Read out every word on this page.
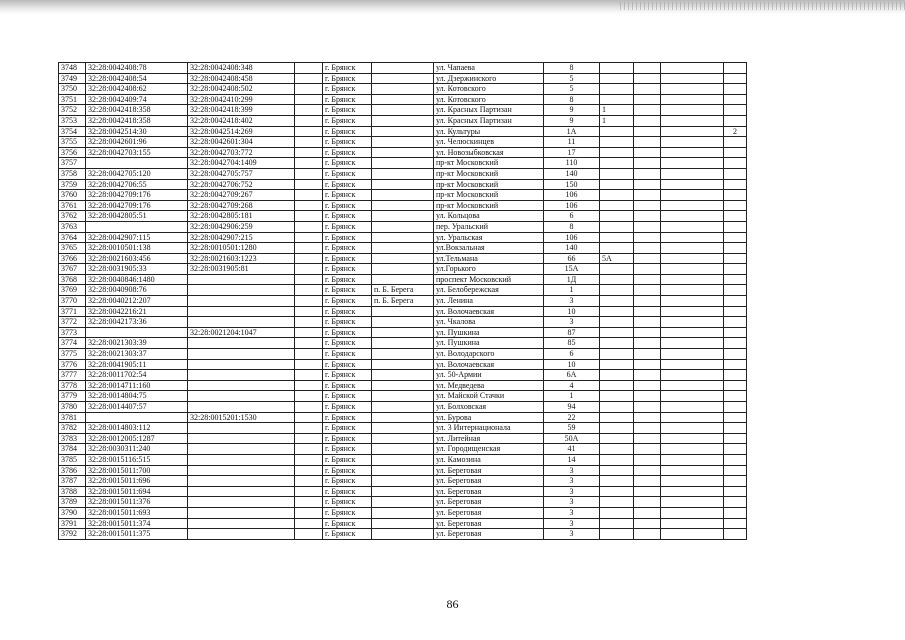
3748	32:28:0042408:78	32:28:0042408:348		г. Брянск		ул. Чапаева	8				
3749	32:28:0042408:54	32:28:0042408:458		г. Брянск		ул. Дзержинского	5				
3750	32:28:0042408:62	32:28:0042408:502		г. Брянск		ул. Котовского	5				
3751	32:28:0042409:74	32:28:0042410:299		г. Брянск		ул. Котовского	8				
3752	32:28:0042418:358	32:28:0042418:399		г. Брянск		ул. Красных Партизан	9	1			
3753	32:28:0042418:358	32:28:0042418:402		г. Брянск		ул. Красных Партизан	9	1			
3754	32:28:0042514:30	32:28:0042514:269		г. Брянск		ул. Культуры	1А				2
3755	32:28:0042601:96	32:28:0042601:304		г. Брянск		ул. Челюскинцев	11				
3756	32:28:0042703:155	32:28:0042703:772		г. Брянск		ул. Новозыбковская	17				
3757		32:28:0042704:1409		г. Брянск		пр-кт Московский	110				
3758	32:28:0042705:120	32:28:0042705:757		г. Брянск		пр-кт Московский	140				
3759	32:28:0042706:55	32:28:0042706:752		г. Брянск		пр-кт Московский	150				
3760	32:28:0042709:176	32:28:0042709:267		г. Брянск		пр-кт Московский	106				
3761	32:28:0042709:176	32:28:0042709:268		г. Брянск		пр-кт Московский	106				
3762	32:28:0042805:51	32:28:0042805:181		г. Брянск		ул. Кольцова	6				
3763		32:28:0042906:259		г. Брянск		пер. Уральский	8				
3764	32:28:0042907:115	32:28:0042907:215		г. Брянск		ул. Уральская	106				
3765	32:28:0010501:138	32:28:0010501:1280		г. Брянск		ул.Вокзальная	140				
3766	32:28:0021603:456	32:28:0021603:1223		г. Брянск		ул.Тельмана	66	5А			
3767	32:28:0031905:33	32:28:0031905:81		г. Брянск		ул.Горького	15А				
3768	32:28:0040846:1480			г. Брянск		проспект Московский	1Д				
3769	32:28:0040908:76			г. Брянск	п. Б. Берега	ул. Белобережская	1				
3770	32:28:0040212:207			г. Брянск	п. Б. Берега	ул. Ленина	3				
3771	32:28:0042216:21			г. Брянск		ул. Волочаевская	10				
3772	32:28:0042173:36			г. Брянск		ул. Чкалова	3				
3773		32:28:0021204:1047		г. Брянск		ул. Пушкина	87				
3774	32:28:0021303:39			г. Брянск		ул. Пушкина	85				
3775	32:28:0021303:37			г. Брянск		ул. Володарского	6				
3776	32:28:0041905:11			г. Брянск		ул. Волочаевская	10				
3777	32:28:0011702:54			г. Брянск		ул. 50-Армии	6А				
3778	32:28:0014711:160			г. Брянск		ул. Медведева	4				
3779	32:28:0014804:75			г. Брянск		ул. Майской Стачки	1				
3780	32:28:0014407:57			г. Брянск		ул. Болховская	94				
3781		32:28:0015201:1530		г. Брянск		ул. Бурова	22				
3782	32:28:0014803:112			г. Брянск		ул. 3 Интернационала	59				
3783	32:28:0012005:1287			г. Брянск		ул. Литейная	50А				
3784	32:28:0030311:240			г. Брянск		ул. Городищенская	41				
3785	32:28:0015116:515			г. Брянск		ул. Камозина	14				
3786	32:28:0015011:700			г. Брянск		ул. Береговая	3				
3787	32:28:0015011:696			г. Брянск		ул. Береговая	3				
3788	32:28:0015011:694			г. Брянск		ул. Береговая	3				
3789	32:28:0015011:376			г. Брянск		ул. Береговая	3				
3790	32:28:0015011:693			г. Брянск		ул. Береговая	3				
3791	32:28:0015011:374			г. Брянск		ул. Береговая	3				
3792	32:28:0015011:375			г. Брянск		ул. Береговая	3				
86
